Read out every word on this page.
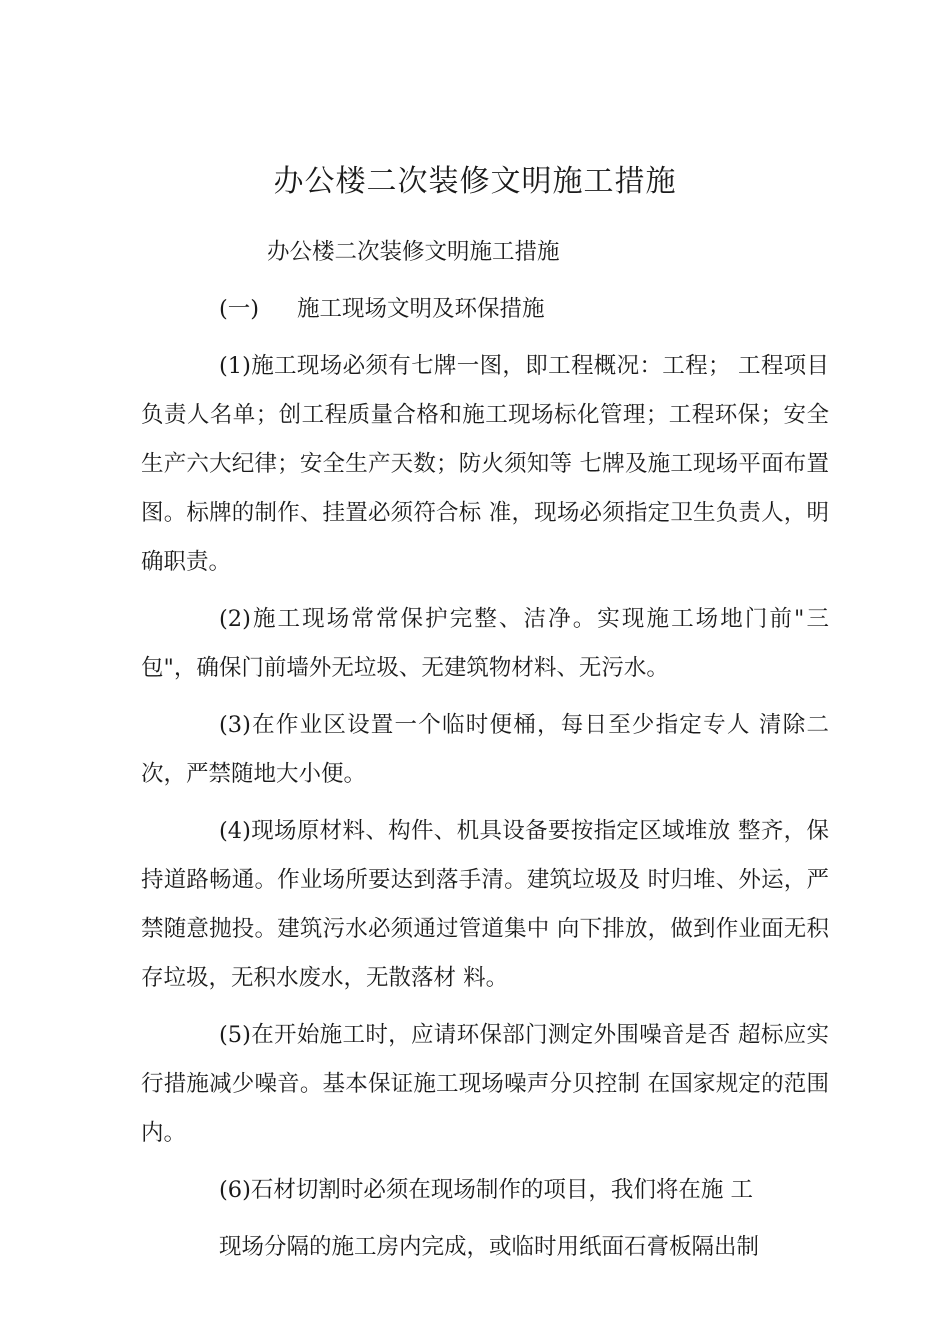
办公楼二次装修文明施工措施
办公楼二次装修文明施工措施
(一) 施工现场文明及环保措施

(1)施工现场必须有七牌一图，即工程概况：工程； 工程项目负责人名单；创工程质量合格和施工现场标化管理；工程环保；安全生产六大纪律；安全生产天数；防火须知等 七牌及施工现场平面布置图。标牌的制作、挂置必须符合标 准，现场必须指定卫生负责人，明确职责。

(2)施工现场常常保护完整、洁净。实现施工场地门前"三 包"，确保门前墙外无垃圾、无建筑物材料、无污水。

(3)在作业区设置一个临时便桶，每日至少指定专人 清除二次，严禁随地大小便。

(4)现场原材料、构件、机具设备要按指定区域堆放 整齐，保持道路畅通。作业场所要达到落手清。建筑垃圾及 时归堆、外运，严禁随意抛投。建筑污水必须通过管道集中 向下排放，做到作业面无积存垃圾，无积水废水，无散落材 料。

(5)在开始施工时，应请环保部门测定外围噪音是否 超标应实行措施减少噪音。基本保证施工现场噪声分贝控制 在国家规定的范围内。

(6)石材切割时必须在现场制作的项目，我们将在施 工
现场分隔的施工房内完成，或临时用纸面石膏板隔出制
